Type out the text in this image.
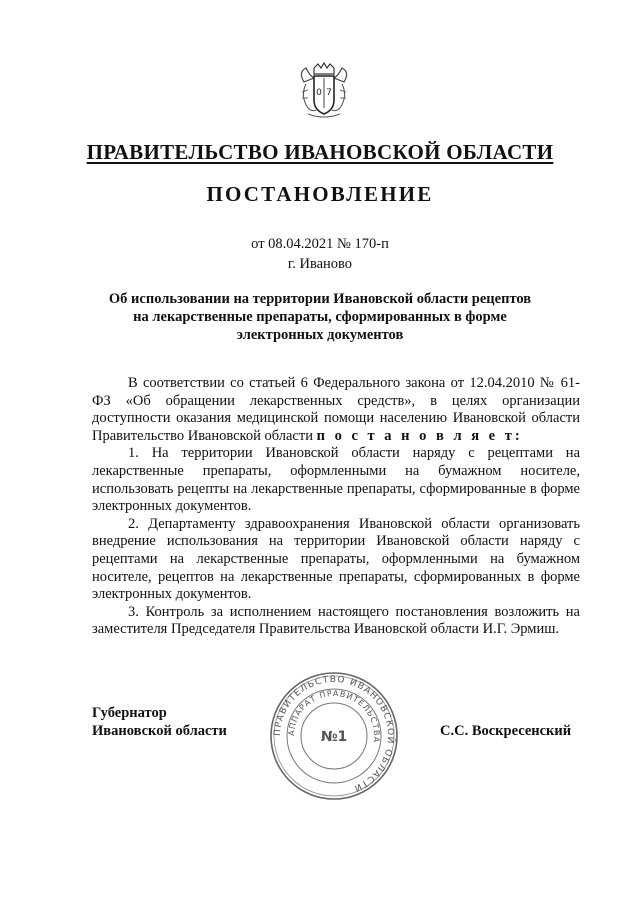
0 7
ПРАВИТЕЛЬСТВО ИВАНОВСКОЙ ОБЛАСТИ
ПОСТАНОВЛЕНИЕ
от 08.04.2021 № 170-п
г. Иваново
Об использовании на территории Ивановской области рецептов на лекарственные препараты, сформированных в форме электронных документов

В соответствии со статьей 6 Федерального закона от 12.04.2010 № 61-ФЗ «Об обращении лекарственных средств», в целях организации доступности оказания медицинской помощи населению Ивановской области Правительство Ивановской области п о с т а н о в л я е т:

1. На территории Ивановской области наряду с рецептами на лекарственные препараты, оформленными на бумажном носителе, использовать рецепты на лекарственные препараты, сформированные в форме электронных документов.

2. Департаменту здравоохранения Ивановской области организовать внедрение использования на территории Ивановской области наряду с рецептами на лекарственные препараты, оформленными на бумажном носителе, рецептов на лекарственные препараты, сформированных в форме электронных документов.

3. Контроль за исполнением настоящего постановления возложить на заместителя Председателя Правительства Ивановской области И.Г. Эрмиш.

Губернатор
Ивановской области	С.С. Воскресенский
ПРАВИТЕЛЬСТВО ИВАНОВСКОЙ ОБЛАСТИ
АППАРАТ ПРАВИТЕЛЬСТВА
№1
